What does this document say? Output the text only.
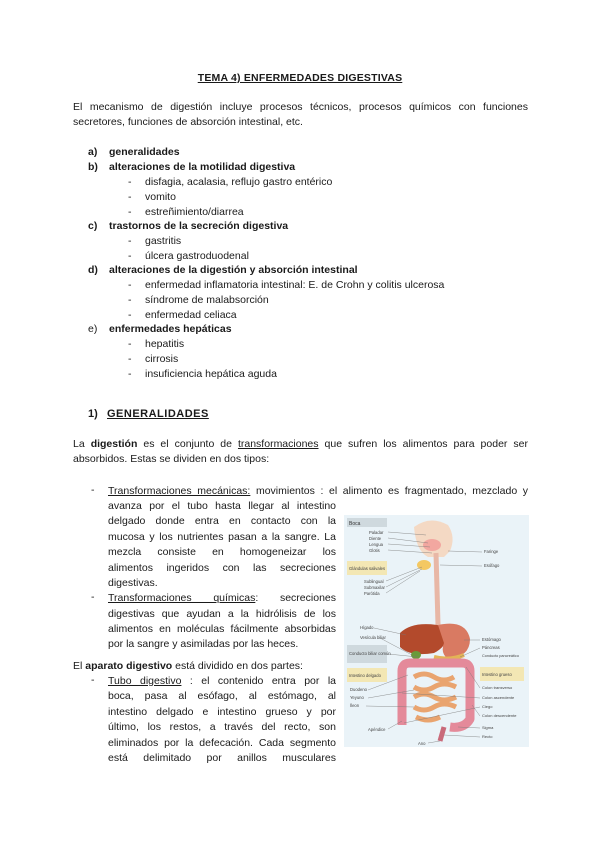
TEMA 4) ENFERMEDADES DIGESTIVAS
El mecanismo de digestión incluye procesos técnicos, procesos químicos con funciones secretores, funciones de absorción intestinal, etc.
a) generalidades
b) alteraciones de la motilidad digestiva
- disfagia, acalasia, reflujo gastro entérico
- vomito
- estreñimiento/diarrea
c) trastornos de la secreción digestiva
- gastritis
- úlcera gastroduodenal
d) alteraciones de la digestión y absorción intestinal
- enfermedad inflamatoria intestinal: E. de Crohn y colitis ulcerosa
- síndrome de malabsorción
- enfermedad celiaca
e) enfermedades hepáticas
- hepatitis
- cirrosis
- insuficiencia hepática aguda
1) GENERALIDADES
La digestión es el conjunto de transformaciones que sufren los alimentos para poder ser
absorbidos. Estas se dividen en dos tipos:
- Transformaciones mecánicas: movimientos : el alimento es fragmentado, mezclado y
avanza por el tubo hasta llegar al intestino
delgado donde entra en contacto con la
mucosa y los nutrientes pasan a la sangre. La
mezcla consiste en homogeneizar los
alimentos ingeridos con las secreciones
digestivas.
- Transformaciones químicas: secreciones
digestivas que ayudan a la hidrólisis de los
alimentos en moléculas fácilmente absorbidas
por la sangre y asimiladas por las heces.
El aparato digestivo está dividido en dos partes:
- Tubo digestivo : el contenido entra por la
boca, pasa al esófago, al estómago, al
intestino delgado e intestino grueso y por
último, los restos, a través del recto, son
eliminados por la defecación. Cada segmento
está delimitado por anillos musculares
Boca
Paladar
Diente
Lengua
Glotis
Glándulas salivales
Sublingual
Submaxilar
Parótida
Hígado
Vesícula biliar
Conducto biliar común
Intestino delgado
Duodeno
Yeyuno
Íleon
Apéndice
Ano
Faringe
Esófago
Estómago
Páncreas
Conducto pancreático
Intestino grueso
Colon transverso
Colon ascendente
Ciego
Colon descendente
Sigma
Recto
